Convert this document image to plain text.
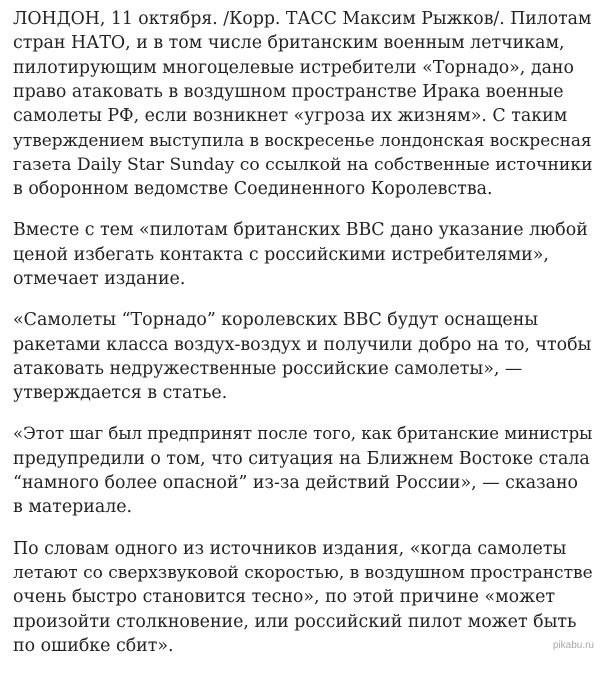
ЛОНДОН, 11 октября. /Корр. ТАСС Максим Рыжков/. Пилотам
стран НАТО, и в том числе британским военным летчикам,
пилотирующим многоцелевые истребители «Торнадо», дано
право атаковать в воздушном пространстве Ирака военные
самолеты РФ, если возникнет «угроза их жизням». С таким
утверждением выступила в воскресенье лондонская воскресная
газета Daily Star Sunday со ссылкой на собственные источники
в оборонном ведомстве Соединенного Королевства.

Вместе с тем «пилотам британских ВВС дано указание любой
ценой избегать контакта с российскими истребителями»,
отмечает издание.

«Самолеты “Торнадо” королевских ВВС будут оснащены
ракетами класса воздух-воздух и получили добро на то, чтобы
атаковать недружественные российские самолеты», —
утверждается в статье.

«Этот шаг был предпринят после того, как британские министры
предупредили о том, что ситуация на Ближнем Востоке стала
“намного более опасной” из-за действий России», — сказано
в материале.

По словам одного из источников издания, «когда самолеты
летают со сверхзвуковой скоростью, в воздушном пространстве
очень быстро становится тесно», по этой причине «может
произойти столкновение, или российский пилот может быть
по ошибке сбит».	pikabu.ru
